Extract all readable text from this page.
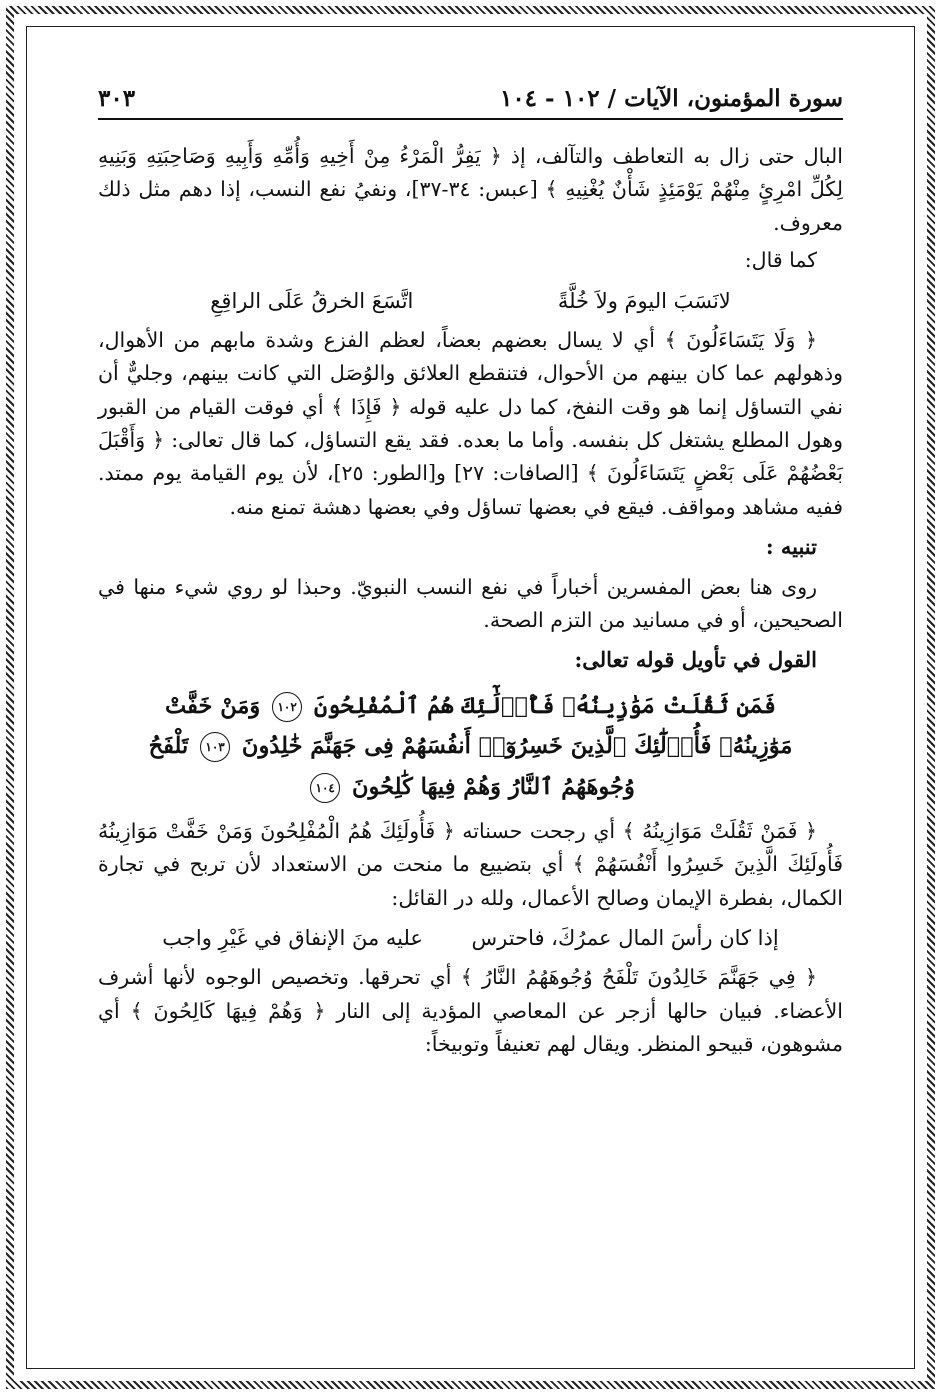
سورة المؤمنون، الآيات / ١٠٢ - ١٠٤
٣٠٣

البال حتى زال به التعاطف والتآلف، إذ ﴿ يَفِرُّ الْمَرْءُ مِنْ أَخِيهِ وَأُمِّهِ وَأَبِيهِ وَصَاحِبَتِهِ وَبَنِيهِ لِكُلِّ امْرِئٍ مِنْهُمْ يَوْمَئِذٍ شَأْنٌ يُغْنِيهِ ﴾ [عبس: ٣٤-٣٧]، ونفيُ نفع النسب، إذا دهم مثل ذلك معروف.

كما قال:

لانَسَبَ اليومَ ولاَ خُلَّةً
اتَّسَعَ الخرقُ عَلَى الراقِعِ

﴿ وَلَا يَتَسَاءَلُونَ ﴾ أي لا يسال بعضهم بعضاً، لعظم الفزع وشدة مابهم من الأهوال، وذهولهم عما كان بينهم من الأحوال، فتنقطع العلائق والوُصَل التي كانت بينهم، وجليٌّ أن نفي التساؤل إنما هو وقت النفخ، كما دل عليه قوله ﴿ فَإِذَا ﴾ أي فوقت القيام من القبور وهول المطلع يشتغل كل بنفسه. وأما ما بعده. فقد يقع التساؤل، كما قال تعالى: ﴿ وَأَقْبَلَ بَعْضُهُمْ عَلَى بَعْضٍ يَتَسَاءَلُونَ ﴾ [الصافات: ٢٧] و[الطور: ٢٥]، لأن يوم القيامة يوم ممتد. ففيه مشاهد ومواقف. فيقع في بعضها تساؤل وفي بعضها دهشة تمنع منه.

تنبيه :

روى هنا بعض المفسرين أخباراً في نفع النسب النبويّ. وحبذا لو روي شيء منها في الصحيحين، أو في مسانيد من التزم الصحة.

القول في تأويل قوله تعالى:

فَمَن ثَقُلَتْ مَوَٰزِينُهُۥ فَأُو۟لَٰٓئِكَ هُمُ ٱلْمُفْلِحُونَ ١٠٢ وَمَنْ خَفَّتْ مَوَٰزِينُهُۥ فَأُو۟لَٰٓئِكَ ٱلَّذِينَ خَسِرُوٓا۟ أَنفُسَهُمْ فِى جَهَنَّمَ خَٰلِدُونَ ١٠٣ تَلْفَحُ وُجُوهَهُمُ ٱلنَّارُ وَهُمْ فِيهَا كَٰلِحُونَ ١٠٤

﴿ فَمَنْ ثَقُلَتْ مَوَازِينُهُ ﴾ أي رجحت حسناته ﴿ فَأُولَئِكَ هُمُ الْمُفْلِحُونَ وَمَنْ خَفَّتْ مَوَازِينُهُ فَأُولَئِكَ الَّذِينَ خَسِرُوا أَنْفُسَهُمْ ﴾ أي بتضييع ما منحت من الاستعداد لأن تربح في تجارة الكمال، بفطرة الإيمان وصالح الأعمال، ولله در القائل:

إذا كان رأسَ المال عمرُكَ، فاحترس
عليه منَ الإنفاق في غَيْرِ واجب

﴿ فِي جَهَنَّمَ خَالِدُونَ تَلْفَحُ وُجُوهَهُمُ النَّارُ ﴾ أي تحرقها. وتخصيص الوجوه لأنها أشرف الأعضاء. فبيان حالها أزجر عن المعاصي المؤدية إلى النار ﴿ وَهُمْ فِيهَا كَالِحُونَ ﴾ أي مشوهون، قبيحو المنظر. ويقال لهم تعنيفاً وتوبيخاً:
